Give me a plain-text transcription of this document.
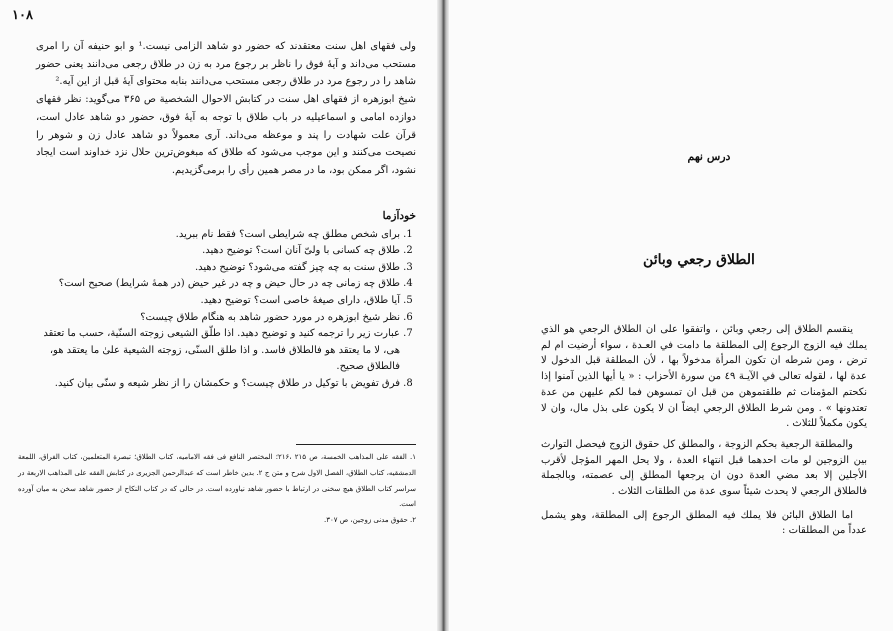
۱۰۸

ولی فقهای اهل سنت معتقدند که حضور دو شاهد الزامی نیست.¹ و ابو حنیفه آن را امری مستحب می‌داند و آیهٔ فوق را ناظر بر رجوع مرد به زن در طلاق رجعی می‌دانند یعنی حضور شاهد را در رجوع مرد در طلاق رجعی مستحب می‌دانند بنابه محتوای آیهٔ قبل از این آیه.²

شیخ ابوزهره از فقهای اهل سنت در کتابش الاحوال الشخصیة ص ۳۶۵ می‌گوید: نظر فقهای دوازده امامی و اسماعیلیه در باب طلاق با توجه به آیهٔ فوق، حضور دو شاهد عادل است، قرآن علت شهادت را پند و موعظه می‌داند. آری معمولاً دو شاهد عادل زن و شوهر را نصیحت می‌کنند و این موجب می‌شود که طلاق که مبغوض‌ترین حلال نزد خداوند است ایجاد نشود، اگر ممکن بود، ما در مصر همین رأی را برمی‌گزیدیم.

خودآزما
1. برای شخص مطلق چه شرایطی است؟ فقط نام ببرید.
2. طلاق چه کسانی با ولیّ آنان است؟ توضیح دهید.
3. طلاق سنت به چه چیز گفته می‌شود؟ توضیح دهید.
4. طلاق چه زمانی چه در حال حیض و چه در غیر حیض (در همهٔ شرایط) صحیح است؟
5. آیا طلاق، دارای صیغهٔ خاصی است؟ توضیح دهید.
6. نظر شیخ ابوزهره در مورد حضور شاهد به هنگام طلاق چیست؟
7. عبارت زیر را ترجمه کنید و توضیح دهید. اذا طلّق الشیعی زوجته السنّیة، حسب ما تعتقد هی، لا ما یعتقد هو فالطلاق فاسد. و اذا طلق السنّی، زوجته الشیعیة علیٰ ما یعتقد هو، فالطلاق صحیح.
8. فرق تفویض با توکیل در طلاق چیست؟ و حکمشان را از نظر شیعه و سنّی بیان کنید.

۱. الفقه علی المذاهب الخمسة، ص ۲۱۵ ،۲۱۶؛ المختصر النافع فی فقه الامامیه، کتاب الطلاق؛ تبصرة المتعلمین، کتاب الفراق، اللمعة الدمشقیه، کتاب الطلاق، الفصل الاول شرح و متن ج ۲. بدین خاطر است که عبدالرحمن الجزیری در کتابش الفقه علی المذاهب الاربعة در سراسر کتاب الطلاق هیچ سخنی در ارتباط با حضور شاهد نیاورده است. در حالی که در کتاب النکاح از حضور شاهد سخن به میان آورده است.

۲. حقوق مدنی زوجین، ص ۳۰۷.

درس نهم
الطلاق رجعي وبائن

ينقسم الطلاق إلى رجعي وبائن ، واتفقوا على ان الطلاق الرجعي هو الذي يملك فيه الزوج الرجوع إلى المطلقة ما دامت في العـدة ، سواء أرضيت ام لم ترض ، ومن شرطه ان تكون المرأة مدخولاً بها ، لأن المطلقة قبل الدخول لا عدة لها ، لقوله تعالى في الآيـة ٤٩ من سورة الأحزاب : « يا أيها الذين آمنوا إذا نكحتم المؤمنات ثم طلقتموهن من قبل ان تمسوهن فما لكم عليهن من عدة تعتدونها » . ومن شرط الطلاق الرجعي ايضاً ان لا يكون على بذل مال، وان لا يكون مكملاً للثلاث .

والمطلقة الرجعية بحكم الزوجة ، والمطلق كل حقوق الزوج فيحصل التوارث بين الزوجين لو مات احدهما قبل انتهاء العدة ، ولا يحل المهر المؤجل لأقرب الأجلين إلا بعد مضي العدة دون ان يرجعها المطلق إلى عصمته، وبالجملة فالطلاق الرجعي لا يحدث شيئاً سوى عدة من الطلقات الثلاث .

اما الطلاق البائن فلا يملك فيه المطلق الرجوع إلى المطلقة، وهو يشمل عدداً من المطلقات :
